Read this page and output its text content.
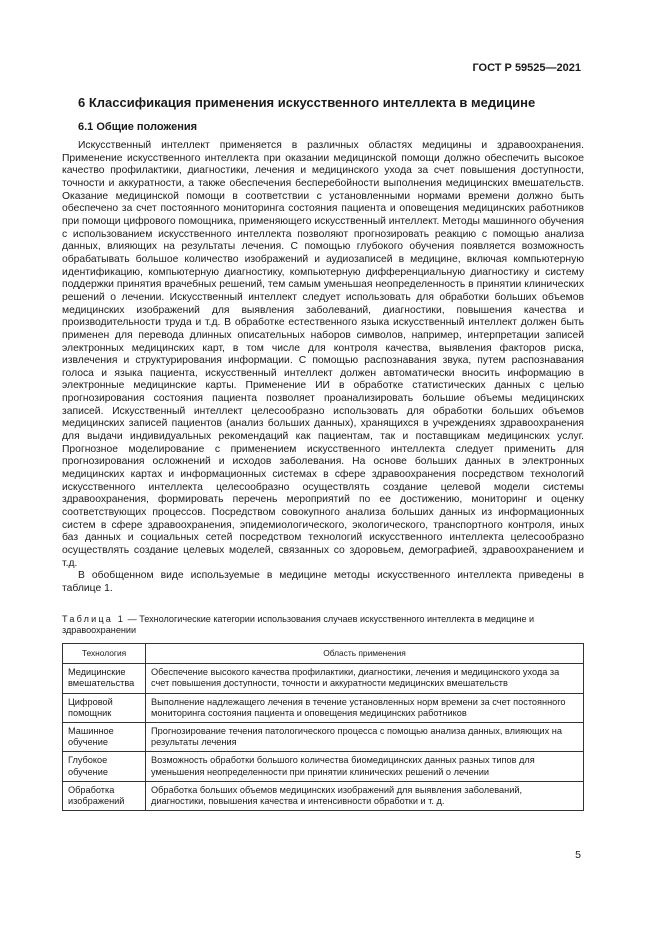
ГОСТ Р 59525—2021
6 Классификация применения искусственного интеллекта в медицине
6.1 Общие положения

Искусственный интеллект применяется в различных областях медицины и здравоохранения. Применение искусственного интеллекта при оказании медицинской помощи должно обеспечить высокое качество профилактики, диагностики, лечения и медицинского ухода за счет повышения доступности, точности и аккуратности, а также обеспечения бесперебойности выполнения медицинских вмешательств. Оказание медицинской помощи в соответствии с установленными нормами времени должно быть обеспечено за счет постоянного мониторинга состояния пациента и оповещения медицинских работников при помощи цифрового помощника, применяющего искусственный интеллект. Методы машинного обучения с использованием искусственного интеллекта позволяют прогнозировать реакцию с помощью анализа данных, влияющих на результаты лечения. С помощью глубокого обучения появляется возможность обрабатывать большое количество изображений и аудиозаписей в медицине, включая компьютерную идентификацию, компьютерную диагностику, компьютерную дифференциальную диагностику и систему поддержки принятия врачебных решений, тем самым уменьшая неопределенность в принятии клинических решений о лечении. Искусственный интеллект следует использовать для обработки больших объемов медицинских изображений для выявления заболеваний, диагностики, повышения качества и производительности труда и т.д. В обработке естественного языка искусственный интеллект должен быть применен для перевода длинных описательных наборов символов, например, интерпретации записей электронных медицинских карт, в том числе для контроля качества, выявления факторов риска, извлечения и структурирования информации. С помощью распознавания звука, путем распознавания голоса и языка пациента, искусственный интеллект должен автоматически вносить информацию в электронные медицинские карты. Применение ИИ в обработке статистических данных с целью прогнозирования состояния пациента позволяет проанализировать большие объемы медицинских записей. Искусственный интеллект целесообразно использовать для обработки больших объемов медицинских записей пациентов (анализ больших данных), хранящихся в учреждениях здравоохранения для выдачи индивидуальных рекомендаций как пациентам, так и поставщикам медицинских услуг. Прогнозное моделирование с применением искусственного интеллекта следует применить для прогнозирования осложнений и исходов заболевания. На основе больших данных в электронных медицинских картах и информационных системах в сфере здравоохранения посредством технологий искусственного интеллекта целесообразно осуществлять создание целевой модели системы здравоохранения, формировать перечень мероприятий по ее достижению, мониторинг и оценку соответствующих процессов. Посредством совокупного анализа больших данных из информационных систем в сфере здравоохранения, эпидемиологического, экологического, транспортного контроля, иных баз данных и социальных сетей посредством технологий искусственного интеллекта целесообразно осуществлять создание целевых моделей, связанных со здоровьем, демографией, здравоохранением и т.д.

В обобщенном виде используемые в медицине методы искусственного интеллекта приведены в таблице 1.

Таблица 1 — Технологические категории использования случаев искусственного интеллекта в медицине и здравоохранении
Технология	Область применения
Медицинские вмешательства	Обеспечение высокого качества профилактики, диагностики, лечения и медицинского ухода за счет повышения доступности, точности и аккуратности медицинских вмешательств
Цифровой помощник	Выполнение надлежащего лечения в течение установленных норм времени за счет постоянного мониторинга состояния пациента и оповещения медицинских работников
Машинное обучение	Прогнозирование течения патологического процесса с помощью анализа данных, влияющих на результаты лечения
Глубокое обучение	Возможность обработки большого количества биомедицинских данных разных типов для уменьшения неопределенности при принятии клинических решений о лечении
Обработка изображений	Обработка больших объемов медицинских изображений для выявления заболеваний, диагностики, повышения качества и интенсивности обработки и т. д.
5
